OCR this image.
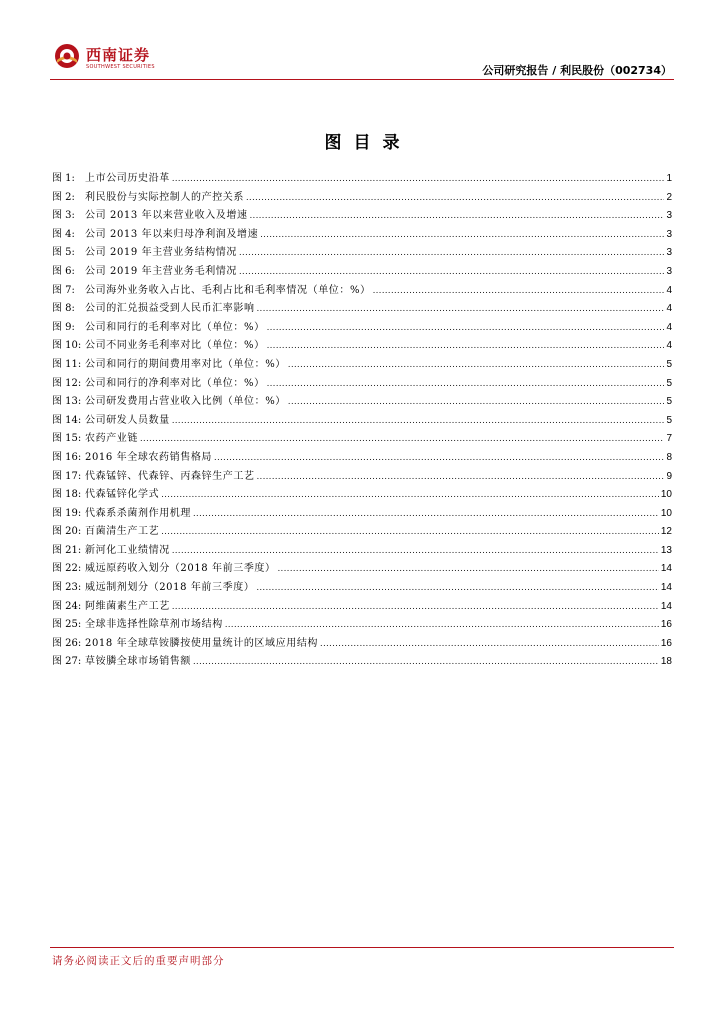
西南证券
SOUTHWEST SECURITIES	公司研究报告 / 利民股份（002734）
图目录
图 1:	上市公司历史沿革 .....	1
图 2:	利民股份与实际控制人的产控关系 .....	2
图 3:	公司 2013 年以来营业收入及增速 .....	3
图 4:	公司 2013 年以来归母净利润及增速 .....	3
图 5:	公司 2019 年主营业务结构情况 .....	3
图 6:	公司 2019 年主营业务毛利情况 .....	3
图 7:	公司海外业务收入占比、毛利占比和毛利率情况（单位：%） .....	4
图 8:	公司的汇兑损益受到人民币汇率影响 .....	4
图 9:	公司和同行的毛利率对比（单位：%） .....	4
图 10: 公司不同业务毛利率对比（单位：%） .....	4
图 11: 公司和同行的期间费用率对比（单位：%） .....	5
图 12: 公司和同行的净利率对比（单位：%） .....	5
图 13: 公司研发费用占营业收入比例（单位：%） .....	5
图 14: 公司研发人员数量 .....	5
图 15: 农药产业链 .....	7
图 16: 2016 年全球农药销售格局 .....	8
图 17: 代森锰锌、代森锌、丙森锌生产工艺 .....	9
图 18: 代森锰锌化学式 .....	10
图 19: 代森系杀菌剂作用机理 .....	10
图 20: 百菌清生产工艺 .....	12
图 21: 新河化工业绩情况 .....	13
图 22: 威远原药收入划分（2018 年前三季度） .....	14
图 23: 威远制剂划分（2018 年前三季度） .....	14
图 24: 阿维菌素生产工艺 .....	14
图 25: 全球非选择性除草剂市场结构 .....	16
图 26: 2018 年全球草铵膦按使用量统计的区域应用结构 .....	16
图 27: 草铵膦全球市场销售额 .....	18
请务必阅读正文后的重要声明部分
